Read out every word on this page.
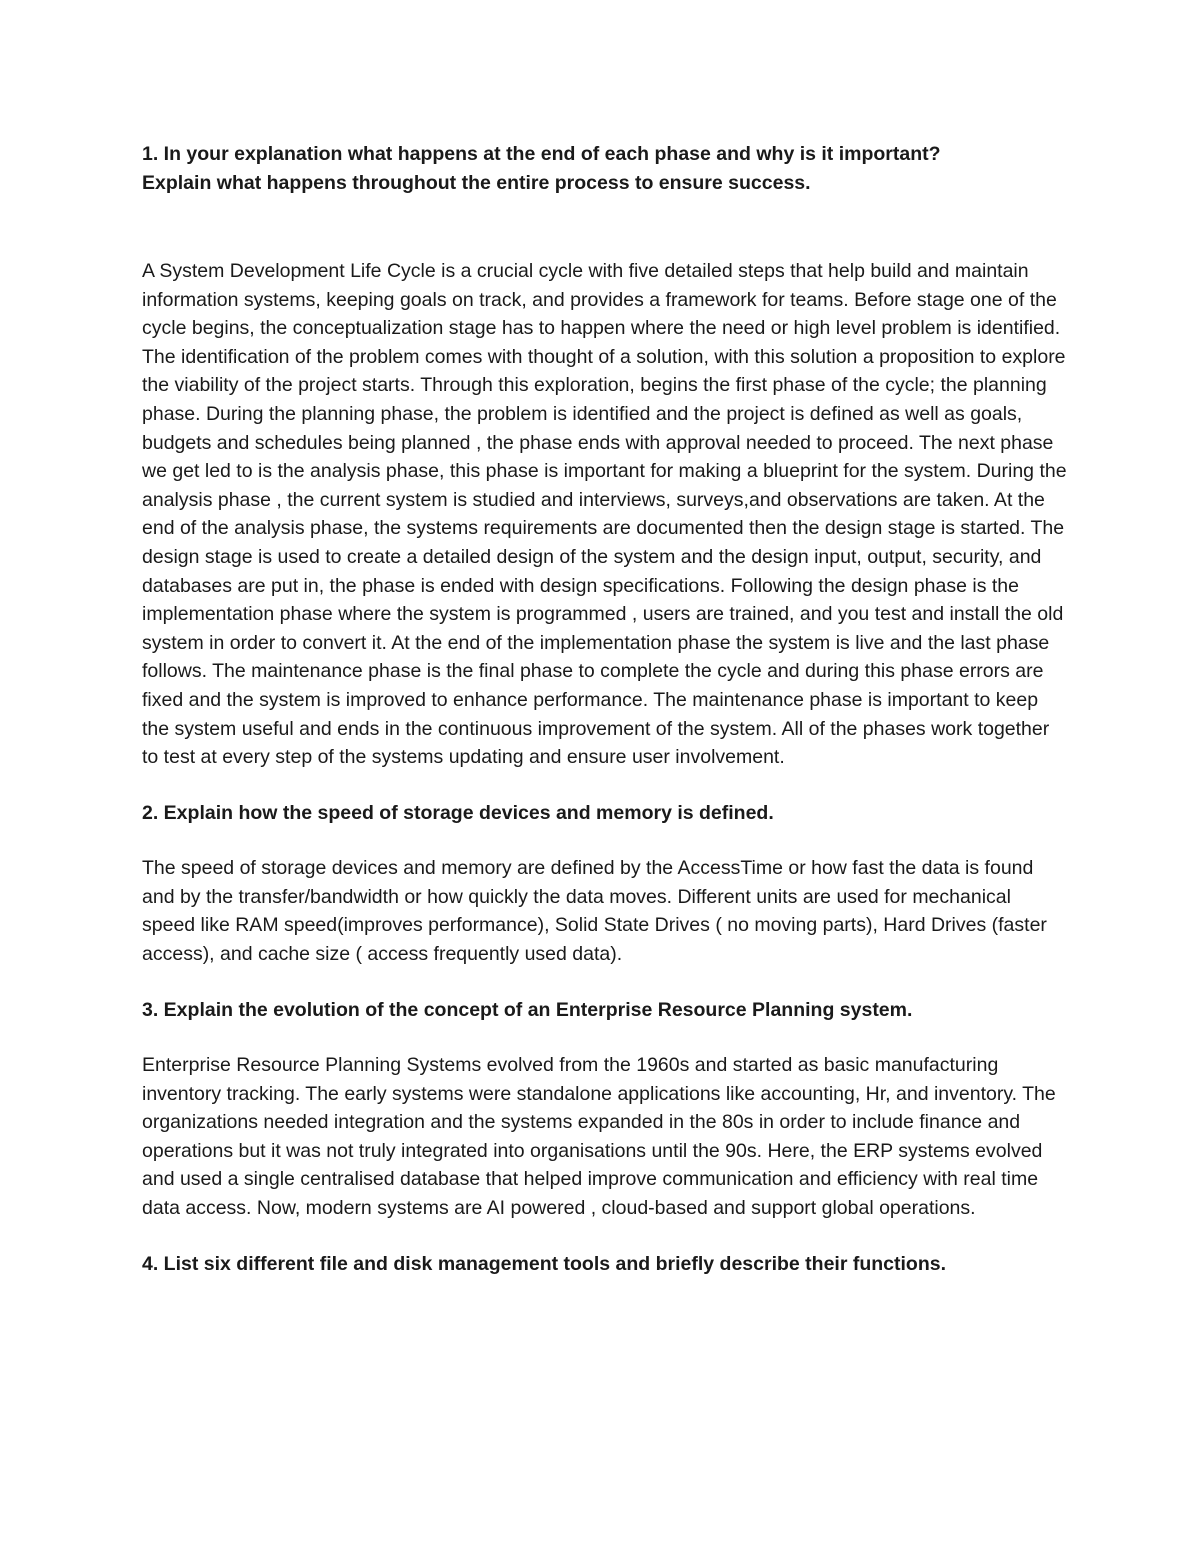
1. In your explanation what happens at the end of each phase and why is it important?
Explain what happens throughout the entire process to ensure success.

A System Development Life Cycle is a crucial cycle with five detailed steps that help build and maintain information systems, keeping goals on track, and provides a framework for teams. Before stage one of the cycle begins, the conceptualization stage has to happen where the need or high level problem is identified. The identification of the problem comes with thought of a solution, with this solution a proposition to explore the viability of the project starts. Through this exploration, begins the first phase of the cycle; the planning phase. During the planning phase, the problem is identified and the project is defined as well as goals, budgets and schedules being planned , the phase ends with approval needed to proceed. The next phase we get led to is the analysis phase, this phase is important for making a blueprint for the system. During the analysis phase , the current system is studied and interviews, surveys,and observations are taken. At the end of the analysis phase, the systems requirements are documented then the design stage is started. The design stage is used to create a detailed design of the system and the design input, output, security, and databases are put in, the phase is ended with design specifications. Following the design phase is the implementation phase where the system is programmed , users are trained, and you test and install the old system in order to convert it. At the end of the implementation phase the system is live and the last phase follows. The maintenance phase is the final phase to complete the cycle and during this phase errors are fixed and the system is improved to enhance performance. The maintenance phase is important to keep the system useful and ends in the continuous improvement of the system. All of the phases work together to test at every step of the systems updating and ensure user involvement.

2. Explain how the speed of storage devices and memory is defined.

The speed of storage devices and memory are defined by the AccessTime or how fast the data is found and by the transfer/bandwidth or how quickly the data moves. Different units are used for mechanical speed like RAM speed(improves performance), Solid State Drives ( no moving parts), Hard Drives (faster access), and cache size ( access frequently used data).

3. Explain the evolution of the concept of an Enterprise Resource Planning system.

Enterprise Resource Planning Systems evolved from the 1960s and started as basic manufacturing inventory tracking. The early systems were standalone applications like accounting, Hr, and inventory. The organizations needed integration and the systems expanded in the 80s in order to include finance and operations but it was not truly integrated into organisations until the 90s. Here, the ERP systems evolved and used a single centralised database that helped improve communication and efficiency with real time data access. Now, modern systems are AI powered , cloud-based and support global operations.

4. List six different file and disk management tools and briefly describe their functions.
